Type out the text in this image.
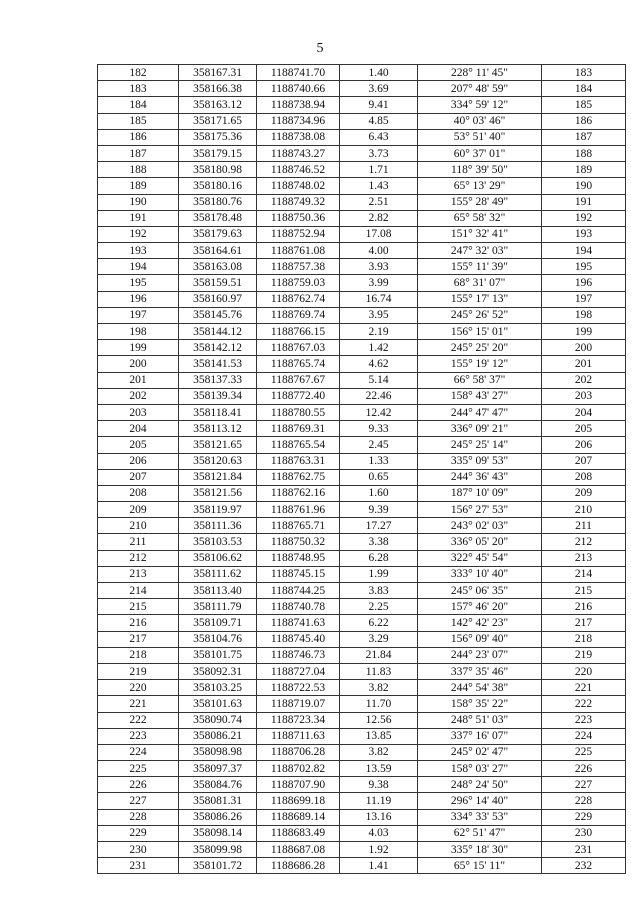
5
182	358167.31	1188741.70	1.40	228° 11' 45"	183
183	358166.38	1188740.66	3.69	207° 48' 59"	184
184	358163.12	1188738.94	9.41	334° 59' 12"	185
185	358171.65	1188734.96	4.85	40° 03' 46"	186
186	358175.36	1188738.08	6.43	53° 51' 40"	187
187	358179.15	1188743.27	3.73	60° 37' 01"	188
188	358180.98	1188746.52	1.71	118° 39' 50"	189
189	358180.16	1188748.02	1.43	65° 13' 29"	190
190	358180.76	1188749.32	2.51	155° 28' 49"	191
191	358178.48	1188750.36	2.82	65° 58' 32"	192
192	358179.63	1188752.94	17.08	151° 32' 41"	193
193	358164.61	1188761.08	4.00	247° 32' 03"	194
194	358163.08	1188757.38	3.93	155° 11' 39"	195
195	358159.51	1188759.03	3.99	68° 31' 07"	196
196	358160.97	1188762.74	16.74	155° 17' 13"	197
197	358145.76	1188769.74	3.95	245° 26' 52"	198
198	358144.12	1188766.15	2.19	156° 15' 01"	199
199	358142.12	1188767.03	1.42	245° 25' 20"	200
200	358141.53	1188765.74	4.62	155° 19' 12"	201
201	358137.33	1188767.67	5.14	66° 58' 37"	202
202	358139.34	1188772.40	22.46	158° 43' 27"	203
203	358118.41	1188780.55	12.42	244° 47' 47"	204
204	358113.12	1188769.31	9.33	336° 09' 21"	205
205	358121.65	1188765.54	2.45	245° 25' 14"	206
206	358120.63	1188763.31	1.33	335° 09' 53"	207
207	358121.84	1188762.75	0.65	244° 36' 43"	208
208	358121.56	1188762.16	1.60	187° 10' 09"	209
209	358119.97	1188761.96	9.39	156° 27' 53"	210
210	358111.36	1188765.71	17.27	243° 02' 03"	211
211	358103.53	1188750.32	3.38	336° 05' 20"	212
212	358106.62	1188748.95	6.28	322° 45' 54"	213
213	358111.62	1188745.15	1.99	333° 10' 40"	214
214	358113.40	1188744.25	3.83	245° 06' 35"	215
215	358111.79	1188740.78	2.25	157° 46' 20"	216
216	358109.71	1188741.63	6.22	142° 42' 23"	217
217	358104.76	1188745.40	3.29	156° 09' 40"	218
218	358101.75	1188746.73	21.84	244° 23' 07"	219
219	358092.31	1188727.04	11.83	337° 35' 46"	220
220	358103.25	1188722.53	3.82	244° 54' 38"	221
221	358101.63	1188719.07	11.70	158° 35' 22"	222
222	358090.74	1188723.34	12.56	248° 51' 03"	223
223	358086.21	1188711.63	13.85	337° 16' 07"	224
224	358098.98	1188706.28	3.82	245° 02' 47"	225
225	358097.37	1188702.82	13.59	158° 03' 27"	226
226	358084.76	1188707.90	9.38	248° 24' 50"	227
227	358081.31	1188699.18	11.19	296° 14' 40"	228
228	358086.26	1188689.14	13.16	334° 33' 53"	229
229	358098.14	1188683.49	4.03	62° 51' 47"	230
230	358099.98	1188687.08	1.92	335° 18' 30"	231
231	358101.72	1188686.28	1.41	65° 15' 11"	232
